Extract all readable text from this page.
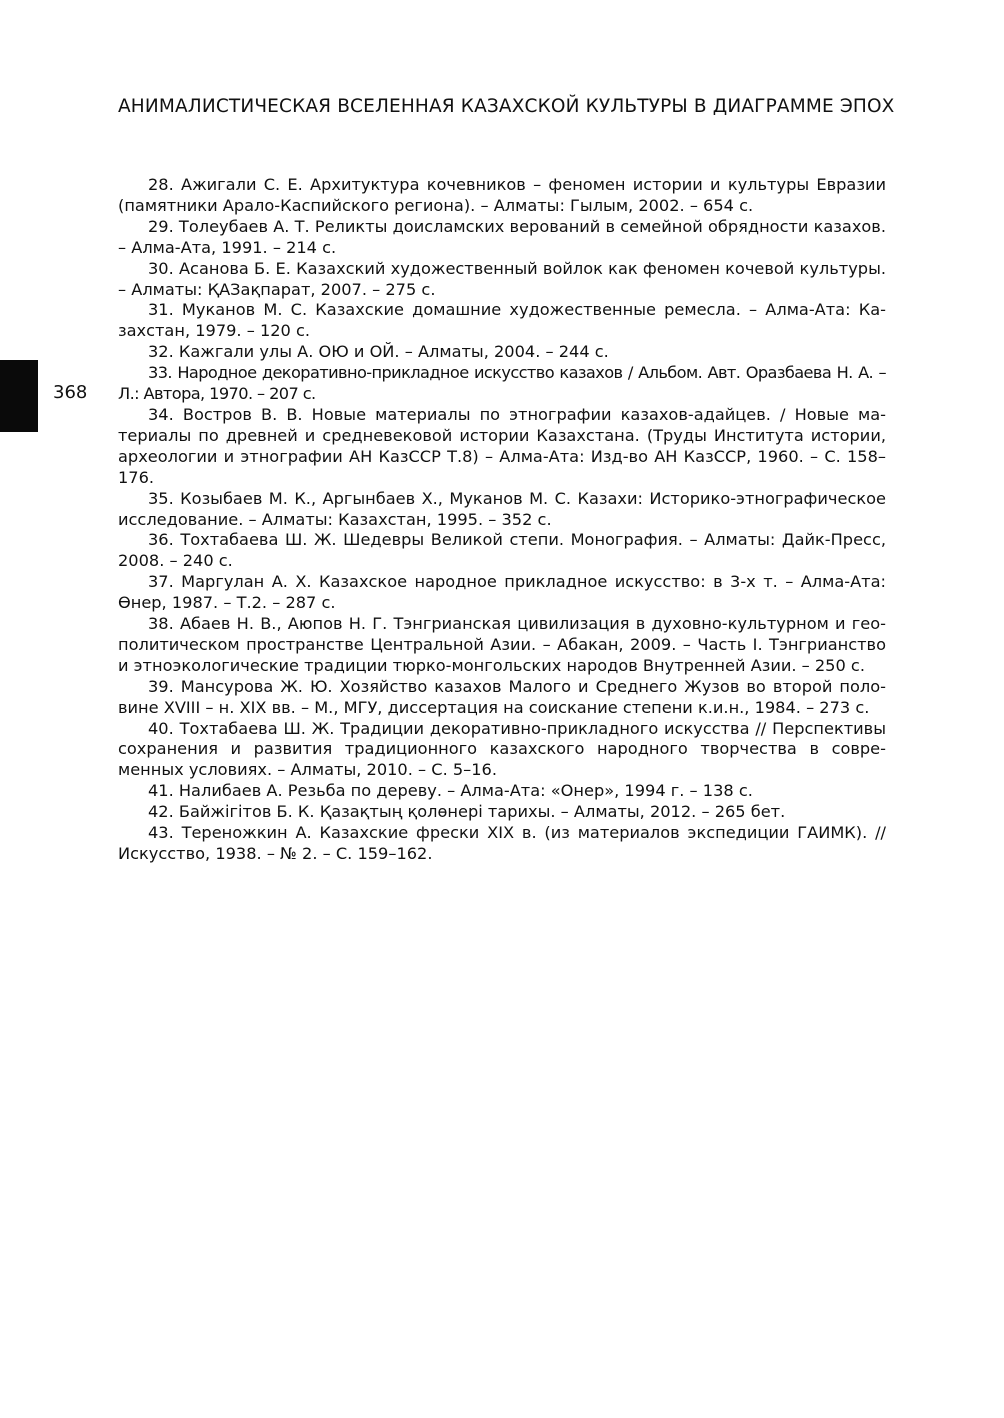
АНИМАЛИСТИЧЕСКАЯ ВСЕЛЕННАЯ КАЗАХСКОЙ КУЛЬТУРЫ В ДИАГРАММЕ ЭПОХ
368
28. Ажигали С. Е. Архитуктура кочевников – феномен истории и культуры Евразии (памятники Арало-Каспийского региона). – Алматы: Гылым, 2002. – 654 с.
29. Толеубаев А. Т. Реликты доисламских верований в семейной обрядности казахов. – Алма-Ата, 1991. – 214 с.
30. Асанова Б. Е. Казахский художественный войлок как феномен кочевой культуры. – Алматы: ҚАЗақпарат, 2007. – 275 с.
31. Муканов М. С. Казахские домашние художественные ремесла. – Алма-Ата: Казахстан, 1979. – 120 с.
32. Кажгали улы А. ОЮ и ОЙ. – Алматы, 2004. – 244 с.
33. Народное декоративно-прикладное искусство казахов / Альбом. Авт. Оразбаева Н. А. – Л.: Автора, 1970. – 207 с.
34. Востров В. В. Новые материалы по этнографии казахов-адайцев. / Новые материалы по древней и средневековой истории Казахстана. (Труды Института истории, археологии и этнографии АН КазССР Т.8) – Алма-Ата: Изд-во АН КазССР, 1960. – С. 158–176.
35. Козыбаев М. К., Аргынбаев Х., Муканов М. С. Казахи: Историко-этнографическое исследование. – Алматы: Казахстан, 1995. – 352 с.
36. Тохтабаева Ш. Ж. Шедевры Великой степи. Монография. – Алматы: Дайк-Пресс, 2008. – 240 с.
37. Маргулан А. Х. Казахское народное прикладное искусство: в 3-х т. – Алма-Ата: Өнер, 1987. – Т.2. – 287 с.
38. Абаев Н. В., Аюпов Н. Г. Тэнгрианская цивилизация в духовно-культурном и геополитическом пространстве Центральной Азии. – Абакан, 2009. – Часть I. Тэнгрианство и этноэкологические традиции тюрко-монгольских народов Внутренней Азии. – 250 с.
39. Мансурова Ж. Ю. Хозяйство казахов Малого и Среднего Жузов во второй половине XVIII – н. XIX вв. – М., МГУ, диссертация на соискание степени к.и.н., 1984. – 273 с.
40. Тохтабаева Ш. Ж. Традиции декоративно-прикладного искусства // Перспективы сохранения и развития традиционного казахского народного творчества в современных условиях. – Алматы, 2010. – С. 5–16.
41. Налибаев А. Резьба по дереву. – Алма-Ата: «Онер», 1994 г. – 138 с.
42. Байжігітов Б. К. Қазақтың қолөнері тарихы. – Алматы, 2012. – 265 бет.
43. Тереножкин А. Казахские фрески XIX в. (из материалов экспедиции ГАИМК). // Искусство, 1938. – № 2. – С. 159–162.
